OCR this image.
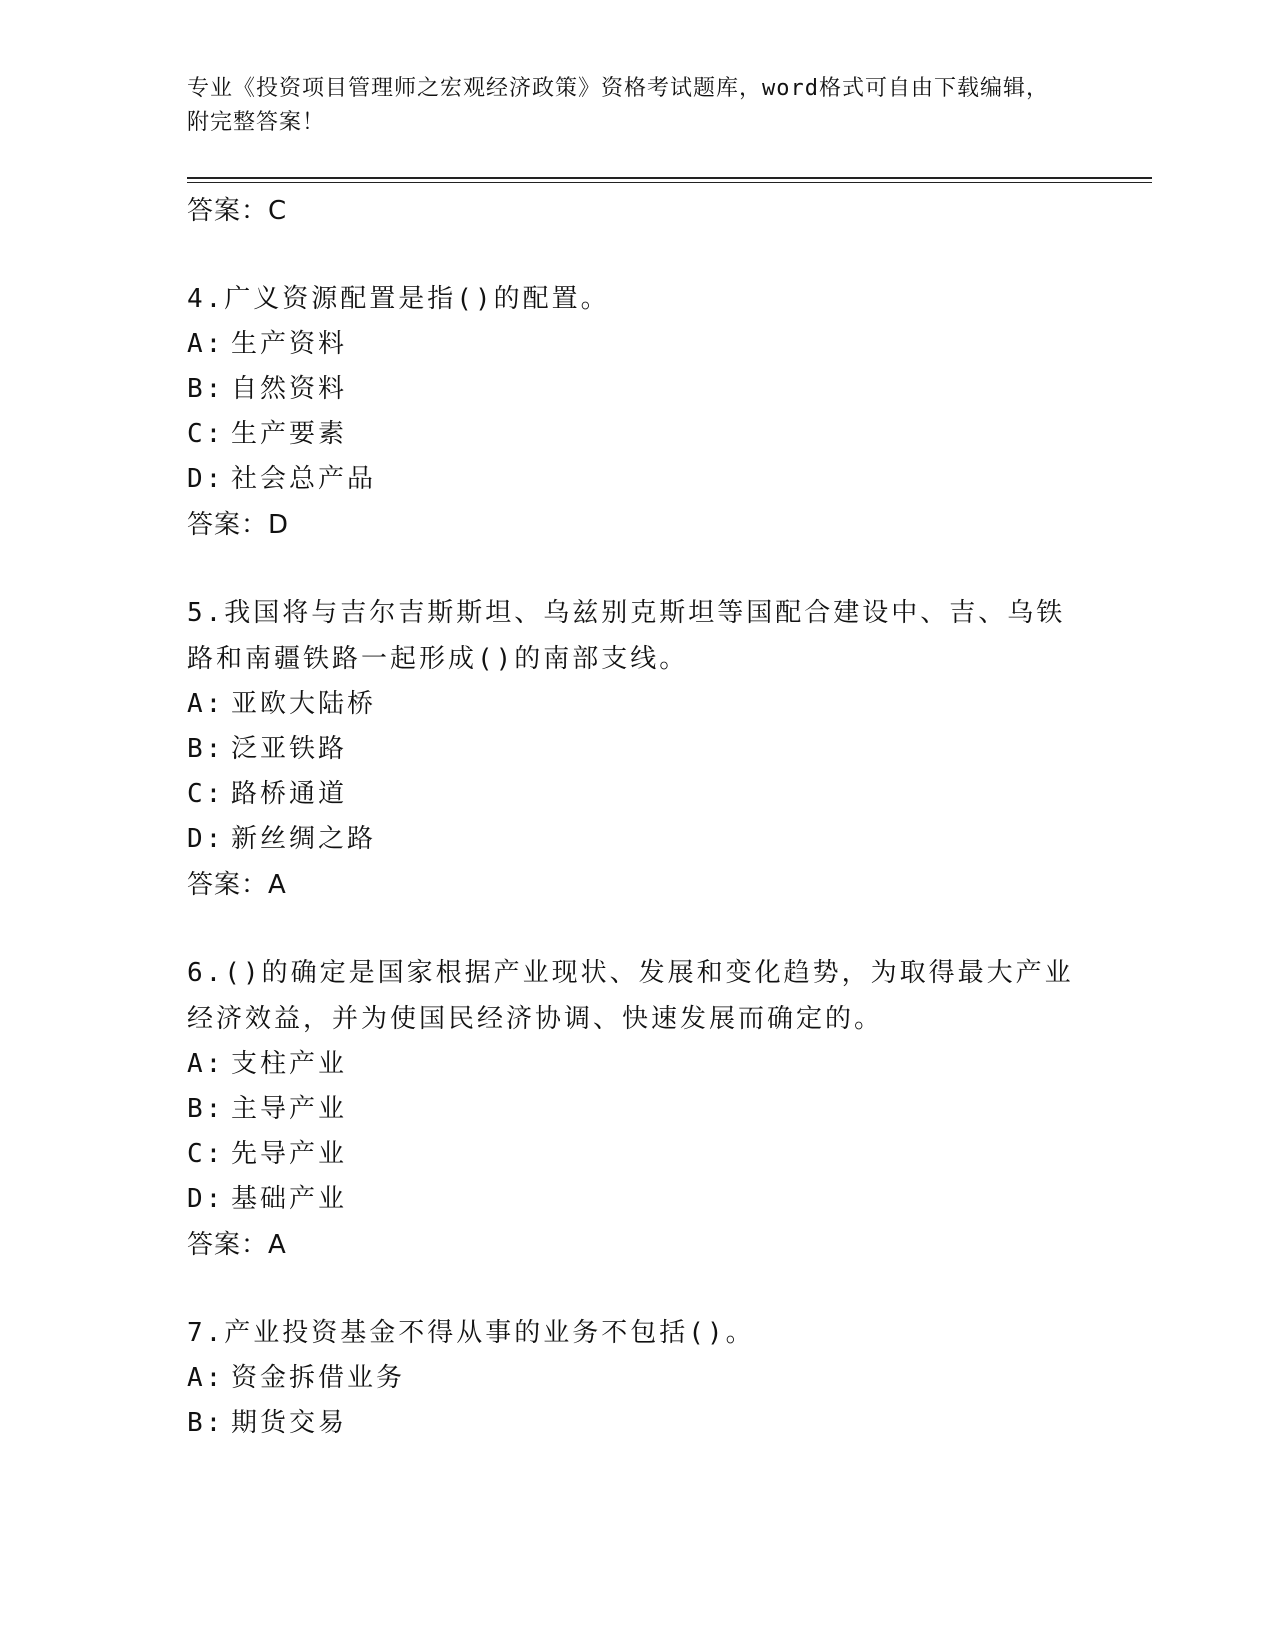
专业《投资项目管理师之宏观经济政策》资格考试题库，word格式可自由下载编辑，附完整答案！

答案：C

4.广义资源配置是指()的配置。

A: 生产资料

B: 自然资料

C: 生产要素

D: 社会总产品

答案：D

5.我国将与吉尔吉斯斯坦、乌兹别克斯坦等国配合建设中、吉、乌铁路和南疆铁路一起形成()的南部支线。

A: 亚欧大陆桥

B: 泛亚铁路

C: 路桥通道

D: 新丝绸之路

答案：A

6.()的确定是国家根据产业现状、发展和变化趋势，为取得最大产业经济效益，并为使国民经济协调、快速发展而确定的。

A: 支柱产业

B: 主导产业

C: 先导产业

D: 基础产业

答案：A

7.产业投资基金不得从事的业务不包括()。

A: 资金拆借业务

B: 期货交易
